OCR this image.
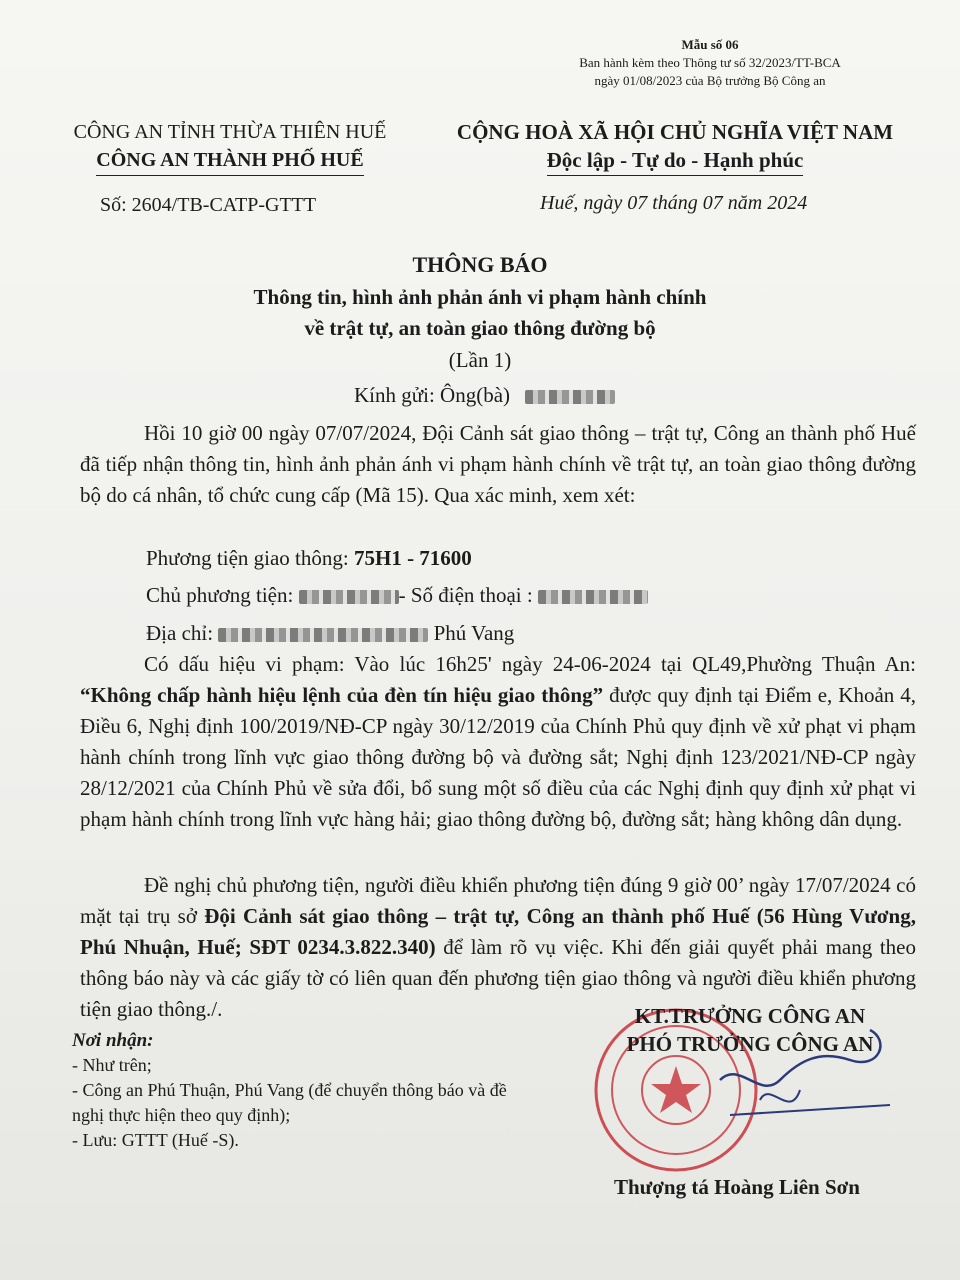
Mẫu số 06
Ban hành kèm theo Thông tư số 32/2023/TT-BCA
ngày 01/08/2023 của Bộ trưởng Bộ Công an
CÔNG AN TỈNH THỪA THIÊN HUẾ
CÔNG AN THÀNH PHỐ HUẾ
CỘNG HOÀ XÃ HỘI CHỦ NGHĨA VIỆT NAM
Độc lập - Tự do - Hạnh phúc
Số: 2604/TB-CATP-GTTT	Huế, ngày 07 tháng 07 năm 2024
THÔNG BÁO
Thông tin, hình ảnh phản ánh vi phạm hành chính
về trật tự, an toàn giao thông đường bộ
(Lần 1)
Kính gửi: Ông(bà)

Hồi 10 giờ 00 ngày 07/07/2024, Đội Cảnh sát giao thông – trật tự, Công an thành phố Huế đã tiếp nhận thông tin, hình ảnh phản ánh vi phạm hành chính về trật tự, an toàn giao thông đường bộ do cá nhân, tổ chức cung cấp (Mã 15). Qua xác minh, xem xét:

Phương tiện giao thông: 75H1 - 71600

Chủ phương tiện:	- Số điện thoại :

Địa chỉ:	Phú Vang

Có dấu hiệu vi phạm: Vào lúc 16h25' ngày 24-06-2024 tại QL49,Phường Thuận An: “Không chấp hành hiệu lệnh của đèn tín hiệu giao thông” được quy định tại Điểm e, Khoản 4, Điều 6, Nghị định 100/2019/NĐ-CP ngày 30/12/2019 của Chính Phủ quy định về xử phạt vi phạm hành chính trong lĩnh vực giao thông đường bộ và đường sắt; Nghị định 123/2021/NĐ-CP ngày 28/12/2021 của Chính Phủ về sửa đổi, bổ sung một số điều của các Nghị định quy định xử phạt vi phạm hành chính trong lĩnh vực hàng hải; giao thông đường bộ, đường sắt; hàng không dân dụng.

Đề nghị chủ phương tiện, người điều khiển phương tiện đúng 9 giờ 00’ ngày 17/07/2024 có mặt tại trụ sở Đội Cảnh sát giao thông – trật tự, Công an thành phố Huế (56 Hùng Vương, Phú Nhuận, Huế; SĐT 0234.3.822.340) để làm rõ vụ việc. Khi đến giải quyết phải mang theo thông báo này và các giấy tờ có liên quan đến phương tiện giao thông và người điều khiển phương tiện giao thông./.

Nơi nhận:
- Như trên;
- Công an Phú Thuận, Phú Vang (để chuyển thông báo và đề nghị thực hiện theo quy định);
- Lưu: GTTT (Huế -S).
KT.TRƯỞNG CÔNG AN
PHÓ TRƯỞNG CÔNG AN
Thượng tá Hoàng Liên Sơn
